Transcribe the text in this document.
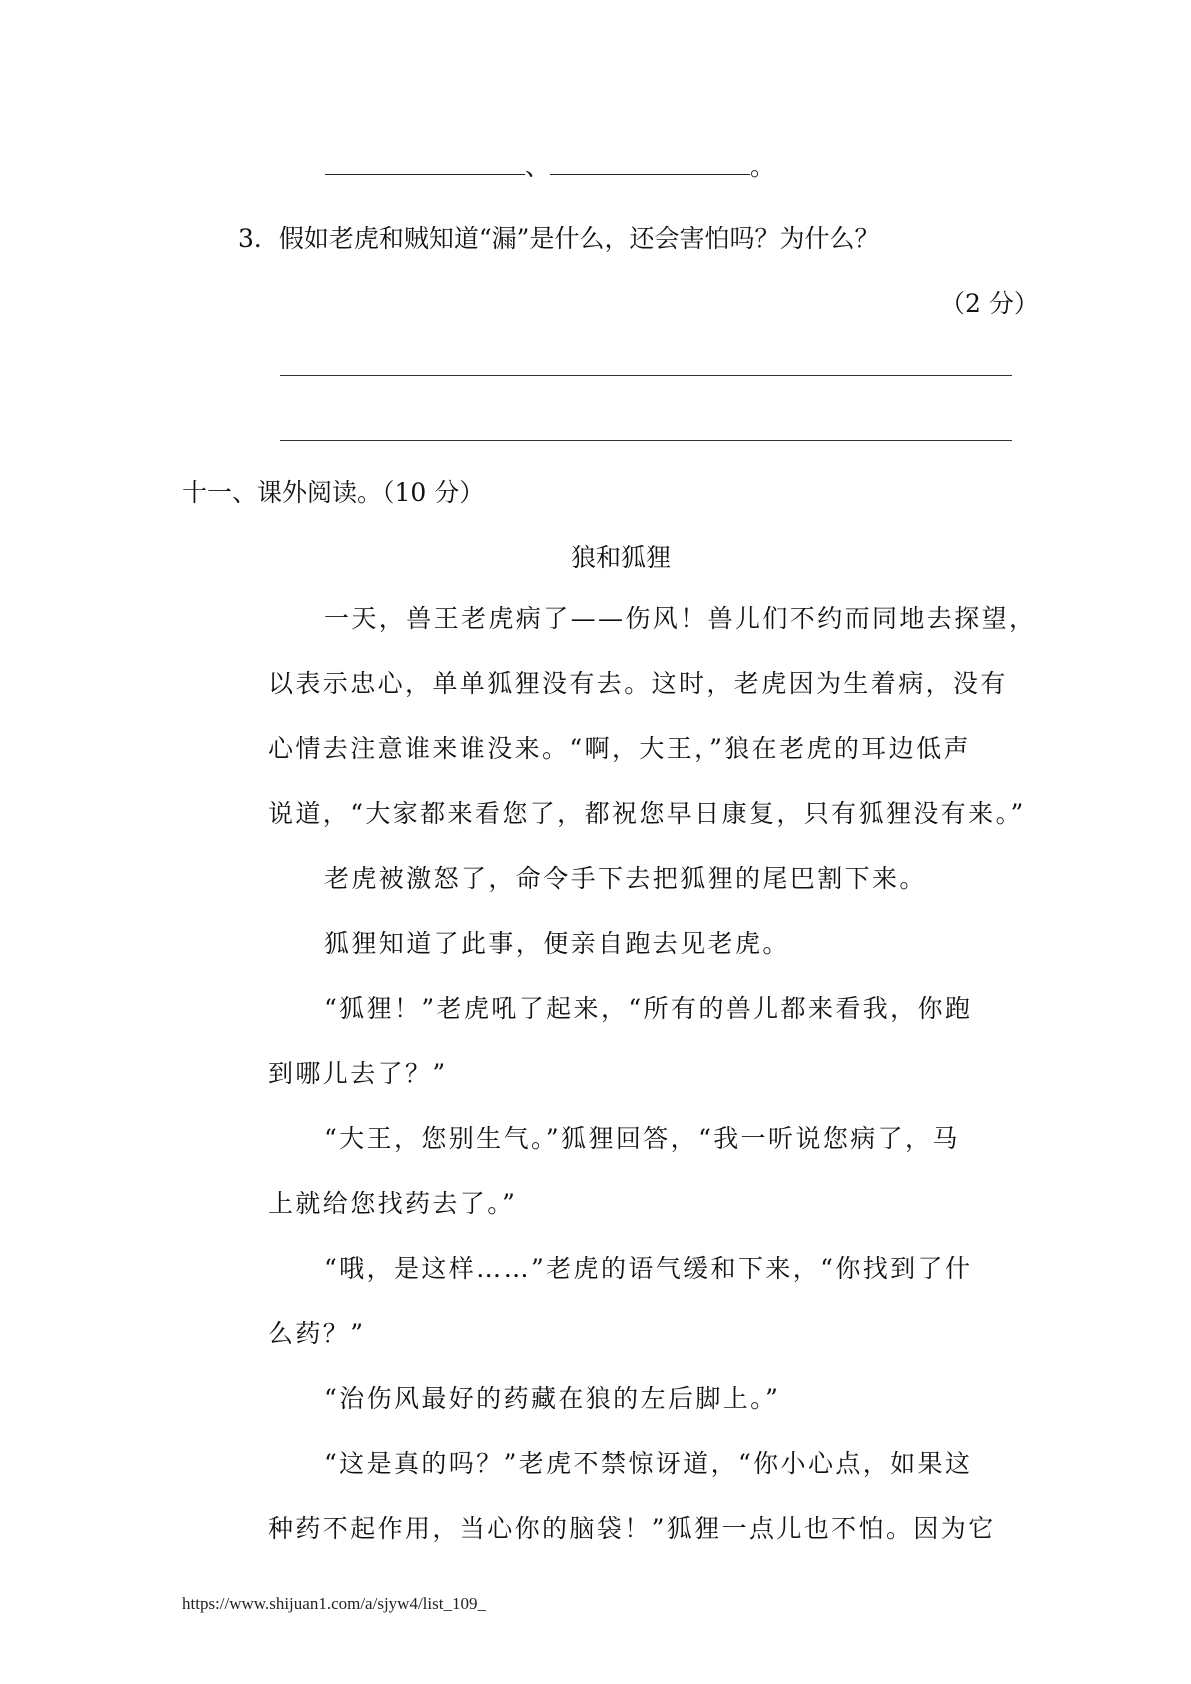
、	。
3．假如老虎和贼知道“漏”是什么，还会害怕吗？为什么？
（2 分）
十一、课外阅读。（10 分）
狼和狐狸
一天，兽王老虎病了——伤风！兽儿们不约而同地去探望，
以表示忠心，单单狐狸没有去。这时，老虎因为生着病，没有
心情去注意谁来谁没来。“啊，大王，”狼在老虎的耳边低声
说道，“大家都来看您了，都祝您早日康复，只有狐狸没有来。”
老虎被激怒了，命令手下去把狐狸的尾巴割下来。
狐狸知道了此事，便亲自跑去见老虎。
“狐狸！”老虎吼了起来，“所有的兽儿都来看我，你跑
到哪儿去了？”
“大王，您别生气。”狐狸回答，“我一听说您病了，马
上就给您找药去了。”
“哦，是这样……”老虎的语气缓和下来，“你找到了什
么药？”
“治伤风最好的药藏在狼的左后脚上。”
“这是真的吗？”老虎不禁惊讶道，“你小心点，如果这
种药不起作用，当心你的脑袋！”狐狸一点儿也不怕。因为它
https://www.shijuan1.com/a/sjyw4/list_109_
